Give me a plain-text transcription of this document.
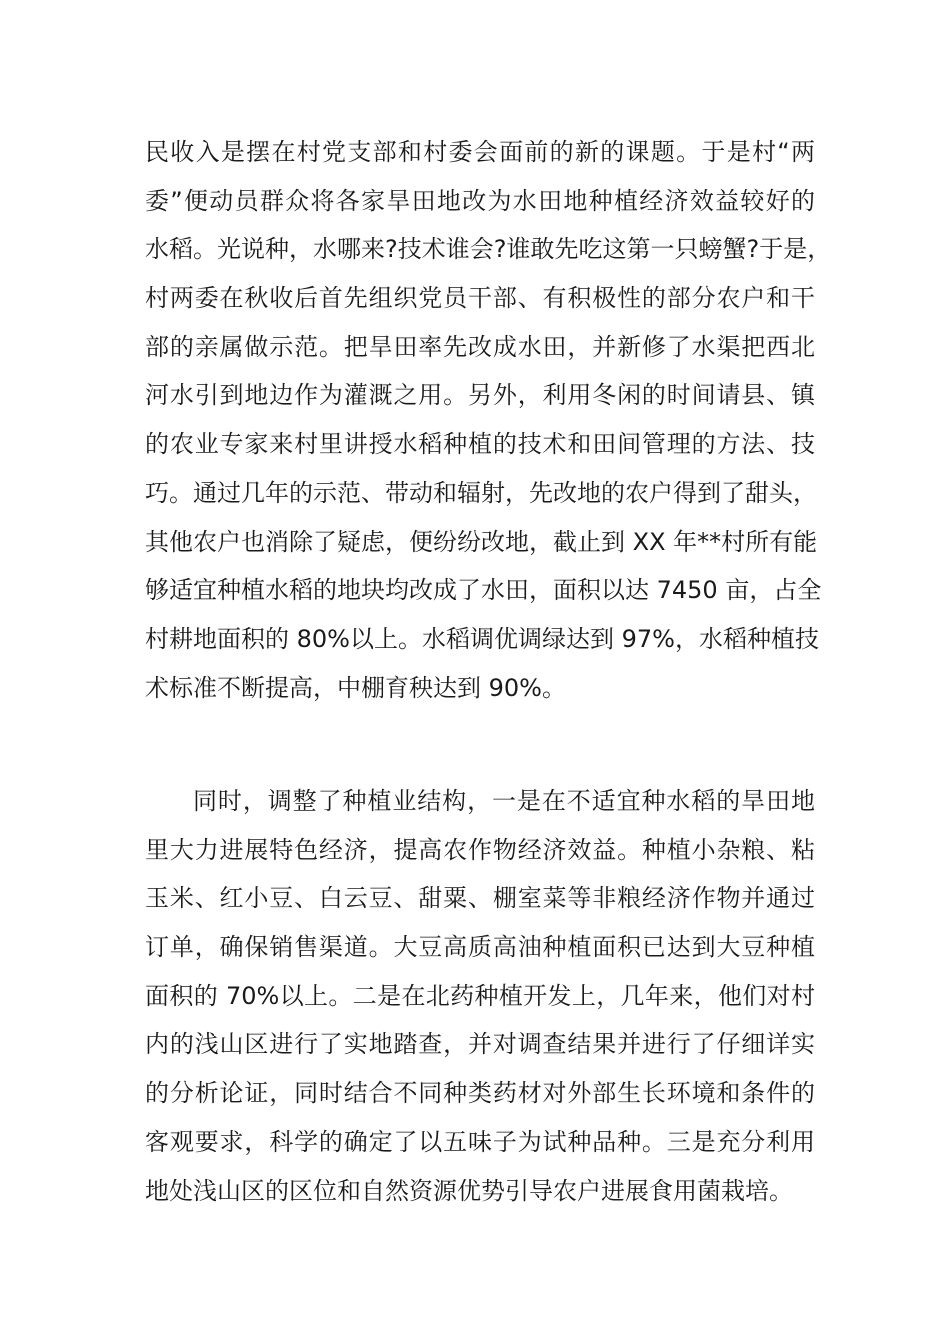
民收入是摆在村党支部和村委会面前的新的课题。于是村“两
委”便动员群众将各家旱田地改为水田地种植经济效益较好的
水稻。光说种，水哪来?技术谁会?谁敢先吃这第一只螃蟹?于是，
村两委在秋收后首先组织党员干部、有积极性的部分农户和干
部的亲属做示范。把旱田率先改成水田，并新修了水渠把西北
河水引到地边作为灌溉之用。另外，利用冬闲的时间请县、镇
的农业专家来村里讲授水稻种植的技术和田间管理的方法、技
巧。通过几年的示范、带动和辐射，先改地的农户得到了甜头，
其他农户也消除了疑虑，便纷纷改地，截止到 XX 年**村所有能
够适宜种植水稻的地块均改成了水田，面积以达 7450 亩，占全
村耕地面积的 80%以上。水稻调优调绿达到 97%，水稻种植技
术标准不断提高，中棚育秧达到 90%。
同时，调整了种植业结构，一是在不适宜种水稻的旱田地
里大力进展特色经济，提高农作物经济效益。种植小杂粮、粘
玉米、红小豆、白云豆、甜粟、棚室菜等非粮经济作物并通过
订单，确保销售渠道。大豆高质高油种植面积已达到大豆种植
面积的 70%以上。二是在北药种植开发上，几年来，他们对村
内的浅山区进行了实地踏查，并对调查结果并进行了仔细详实
的分析论证，同时结合不同种类药材对外部生长环境和条件的
客观要求，科学的确定了以五味子为试种品种。三是充分利用
地处浅山区的区位和自然资源优势引导农户进展食用菌栽培。
